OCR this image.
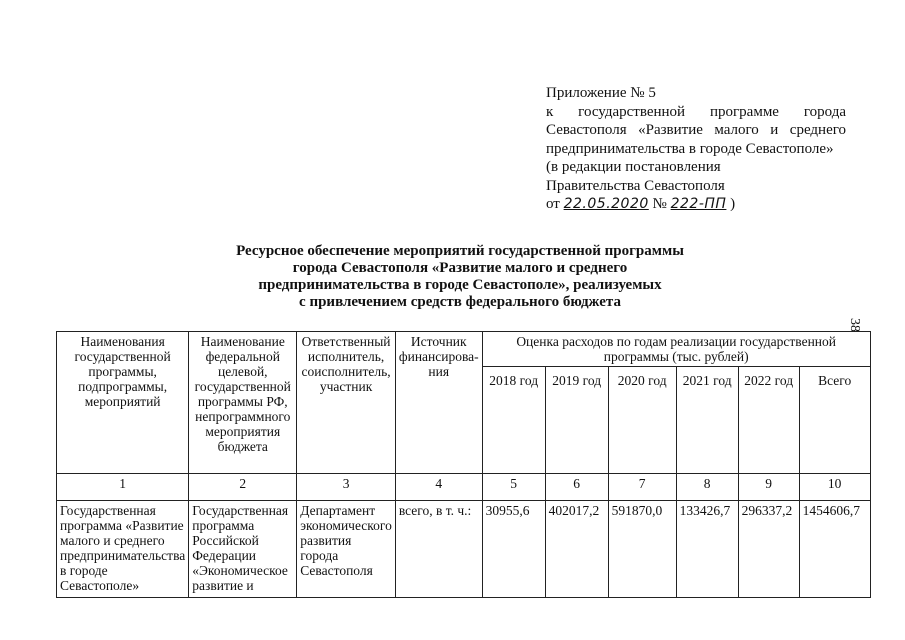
Приложение № 5
к государственной программе города
Севастополя «Развитие малого и среднего
предпринимательства в городе Севастополе»
(в редакции постановления
Правительства Севастополя
от 22.05.2020 № 222-ПП )
Ресурсное обеспечение мероприятий государственной программы
города Севастополя «Развитие малого и среднего
предпринимательства в городе Севастополе», реализуемых
с привлечением средств федерального бюджета
38
Наименования государственной программы, подпрограммы, мероприятий	Наименование федеральной целевой, государственной программы РФ, непрограммного мероприятия бюджета	Ответственный исполнитель, соисполнитель, участник	Источник финансирова-ния	Оценка расходов по годам реализации государственной программы (тыс. рублей)					
				2018 год	2019 год	2020 год	2021 год	2022 год	Всего
1	2	3	4	5	6	7	8	9	10
Государственная программа «Развитие малого и среднего предпринимательства в городе Севастополе»	Государственная программа Российской Федерации «Экономическое развитие и	Департамент экономического развития города Севастополя	всего, в т. ч.:	30955,6	402017,2	591870,0	133426,7	296337,2	1454606,7
